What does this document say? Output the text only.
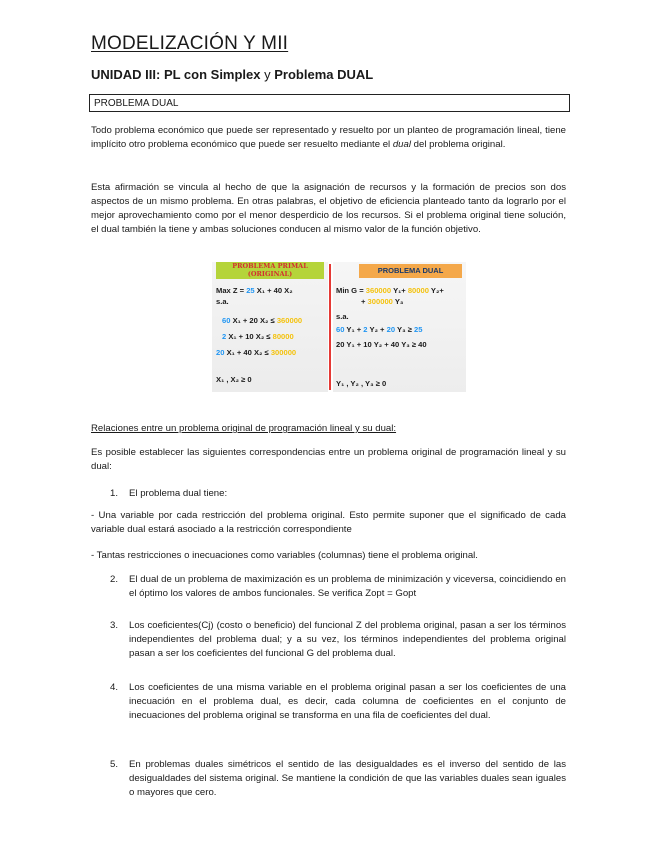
MODELIZACIÓN Y MII
UNIDAD III: PL con Simplex y Problema DUAL
PROBLEMA DUAL

Todo problema económico que puede ser representado y resuelto por un planteo de programación lineal, tiene implícito otro problema económico que puede ser resuelto mediante el dual del problema original.

Esta afirmación se vincula al hecho de que la asignación de recursos y la formación de precios son dos aspectos de un mismo problema. En otras palabras, el objetivo de eficiencia planteado tanto da lograrlo por el mejor aprovechamiento como por el menor desperdicio de los recursos. Si el problema original tiene solución, el dual también la tiene y ambas soluciones conducen al mismo valor de la función objetivo.

PROBLEMA PRIMAL (ORIGINAL)
Max Z = 25 X₁ + 40 X₂
s.a.
60 X₁ + 20 X₂ ≤ 360000
2 X₁ + 10 X₂ ≤ 80000
20 X₁ + 40 X₂ ≤ 300000
X₁ , X₂ ≥ 0
PROBLEMA DUAL
Min G = 360000 Y₁+ 80000 Y₂+
+ 300000 Y₃
s.a.
60 Y₁ + 2 Y₂ + 20 Y₃ ≥ 25
20 Y₁ + 10 Y₂ + 40 Y₃ ≥ 40
Y₁ , Y₂ , Y₃ ≥ 0

Relaciones entre un problema original de programación lineal y su dual:

Es posible establecer las siguientes correspondencias entre un problema original de programación lineal y su dual:

1.	El problema dual tiene:

- Una variable por cada restricción del problema original. Esto permite suponer que el significado de cada variable dual estará asociado a la restricción correspondiente

- Tantas restricciones o inecuaciones como variables (columnas) tiene el problema original.

2.	El dual de un problema de maximización es un problema de minimización y viceversa, coincidiendo en el óptimo los valores de ambos funcionales. Se verifica Zopt = Gopt
3.	Los coeficientes(Cj) (costo o beneficio) del funcional Z del problema original, pasan a ser los términos independientes del problema dual; y a su vez, los términos independientes del problema original pasan a ser los coeficientes del funcional G del problema dual.
4.	Los coeficientes de una misma variable en el problema original pasan a ser los coeficientes de una inecuación en el problema dual, es decir, cada columna de coeficientes en el conjunto de inecuaciones del problema original se transforma en una fila de coeficientes del dual.
5.	En problemas duales simétricos el sentido de las desigualdades es el inverso del sentido de las desigualdades del sistema original. Se mantiene la condición de que las variables duales sean iguales o mayores que cero.
